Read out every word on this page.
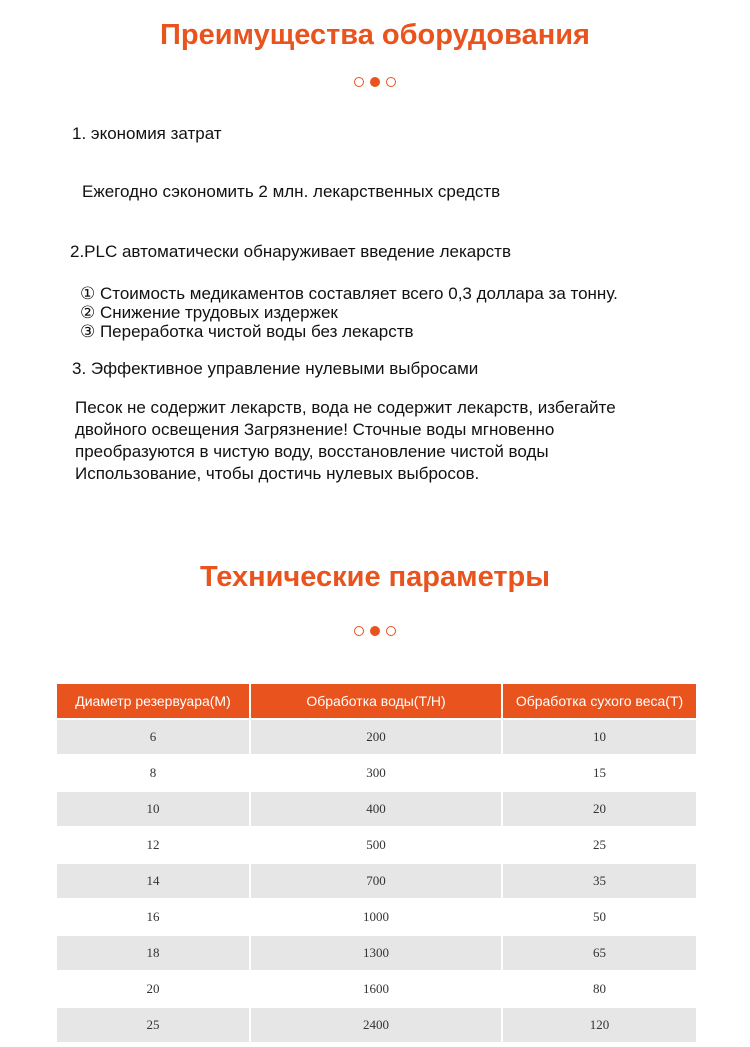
Преимущества оборудования

1. экономия затрат

Ежегодно сэкономить 2 млн. лекарственных средств

2.PLC автоматически обнаруживает введение лекарств

① Стоимость медикаментов составляет всего 0,3 доллара за тонну.

② Снижение трудовых издержек

③ Переработка чистой воды без лекарств

3. Эффективное управление нулевыми выбросами

Песок не содержит лекарств, вода не содержит лекарств, избегайте
двойного освещения Загрязнение! Сточные воды мгновенно
преобразуются в чистую воду, восстановление чистой воды
Использование, чтобы достичь нулевых выбросов.
Технические параметры
Диаметр резервуара(M)	Обработка воды(T/H)	Обработка сухого веса(T)
6	200	10
8	300	15
10	400	20
12	500	25
14	700	35
16	1000	50
18	1300	65
20	1600	80
25	2400	120
